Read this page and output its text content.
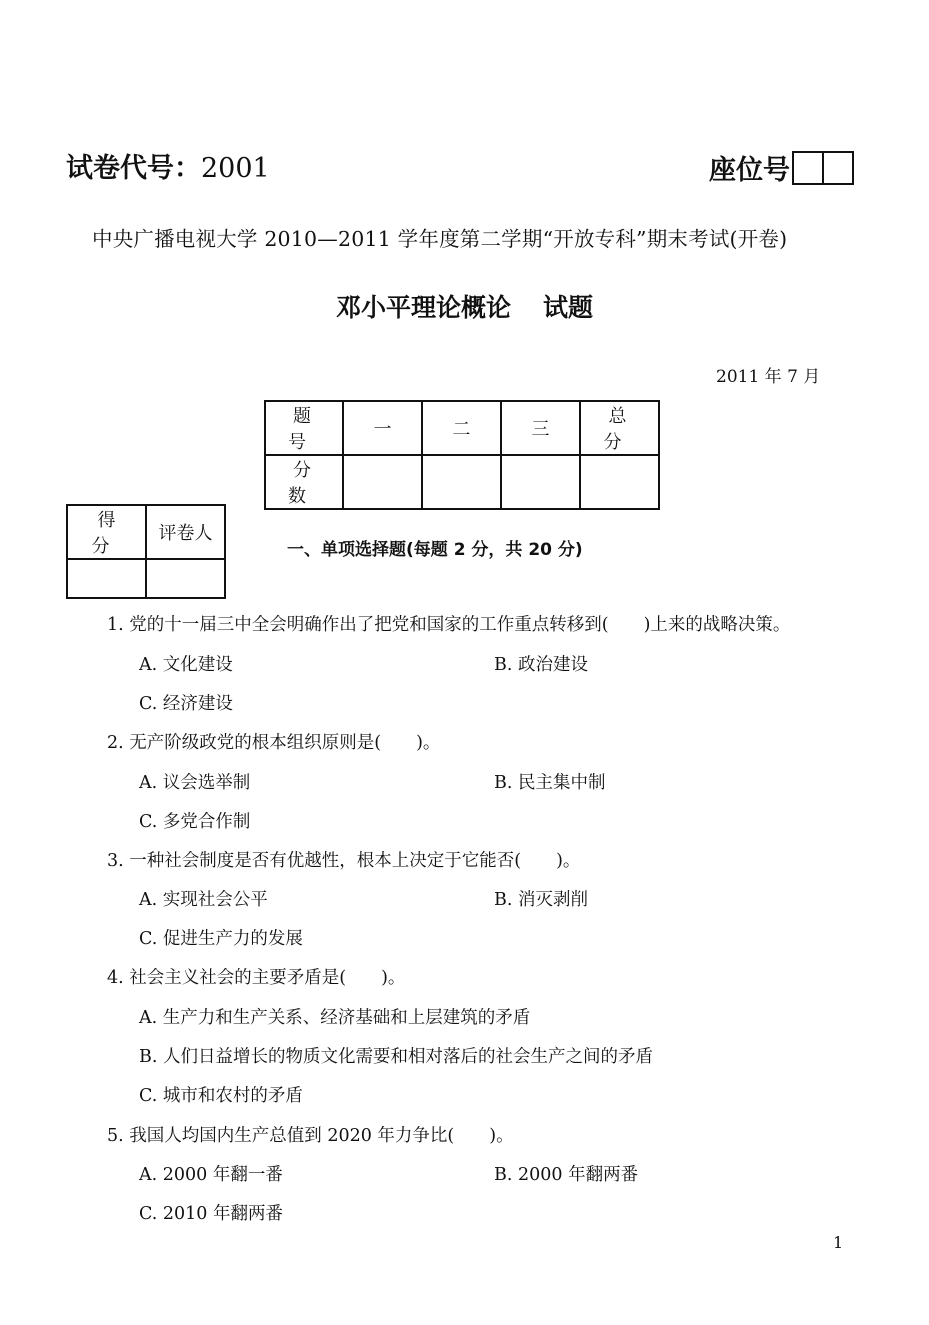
试卷代号：2001	座位号
中央广播电视大学 2010—2011 学年度第二学期“开放专科”期末考试(开卷)
邓小平理论概论 试题
2011 年 7 月
题　号	一	二	三	总　分
分　数				
得　分	评卷人

一、单项选择题(每题 2 分，共 20 分)
1. 党的十一届三中全会明确作出了把党和国家的工作重点转移到(　　)上来的战略决策。
A. 文化建设	B. 政治建设
C. 经济建设
2. 无产阶级政党的根本组织原则是(　　)。
A. 议会选举制	B. 民主集中制
C. 多党合作制
3. 一种社会制度是否有优越性，根本上决定于它能否(　　)。
A. 实现社会公平	B. 消灭剥削
C. 促进生产力的发展
4. 社会主义社会的主要矛盾是(　　)。
A. 生产力和生产关系、经济基础和上层建筑的矛盾
B. 人们日益增长的物质文化需要和相对落后的社会生产之间的矛盾
C. 城市和农村的矛盾
5. 我国人均国内生产总值到 2020 年力争比(　　)。
A. 2000 年翻一番	B. 2000 年翻两番
C. 2010 年翻两番
1
